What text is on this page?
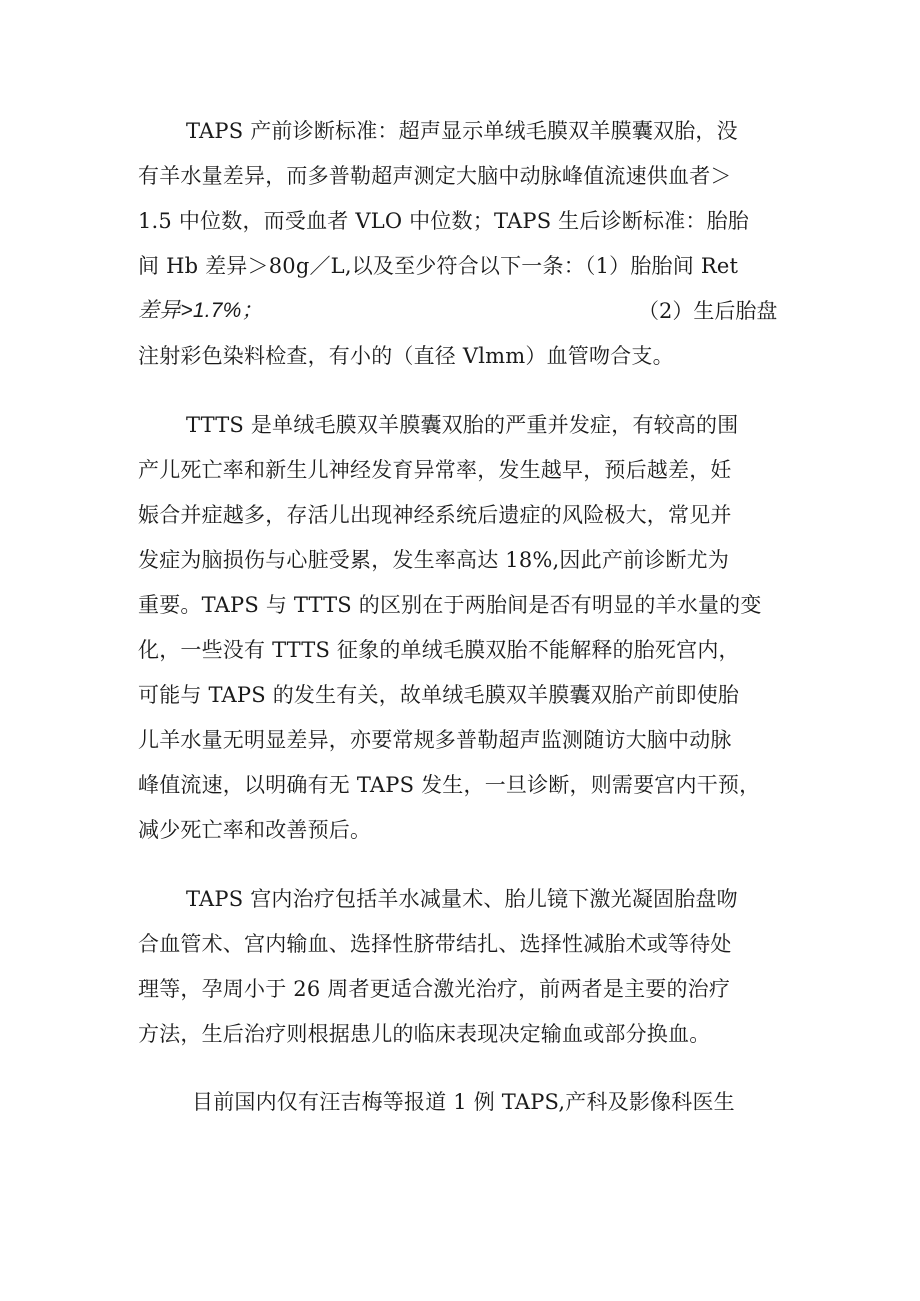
TAPS 产前诊断标准：超声显示单绒毛膜双羊膜囊双胎，没
有羊水量差异，而多普勒超声测定大脑中动脉峰值流速供血者＞
1.5 中位数，而受血者 VLO 中位数；TAPS 生后诊断标准：胎胎
间 Hb 差异＞80g／L,以及至少符合以下一条：（1）胎胎间 Ret
差异>1.7%；	（2）生后胎盘
注射彩色染料检查，有小的（直径 Vlmm）血管吻合支。
TTTS 是单绒毛膜双羊膜囊双胎的严重并发症，有较高的围
产儿死亡率和新生儿神经发育异常率，发生越早，预后越差，妊
娠合并症越多，存活儿出现神经系统后遗症的风险极大，常见并
发症为脑损伤与心脏受累，发生率高达 18%,因此产前诊断尤为
重要。TAPS 与 TTTS 的区别在于两胎间是否有明显的羊水量的变
化，一些没有 TTTS 征象的单绒毛膜双胎不能解释的胎死宫内，
可能与 TAPS 的发生有关，故单绒毛膜双羊膜囊双胎产前即使胎
儿羊水量无明显差异，亦要常规多普勒超声监测随访大脑中动脉
峰值流速，以明确有无 TAPS 发生，一旦诊断，则需要宫内干预，
减少死亡率和改善预后。
TAPS 宫内治疗包括羊水减量术、胎儿镜下激光凝固胎盘吻
合血管术、宫内输血、选择性脐带结扎、选择性减胎术或等待处
理等，孕周小于 26 周者更适合激光治疗，前两者是主要的治疗
方法，生后治疗则根据患儿的临床表现决定输血或部分换血。
目前国内仅有汪吉梅等报道 1 例 TAPS,产科及影像科医生
